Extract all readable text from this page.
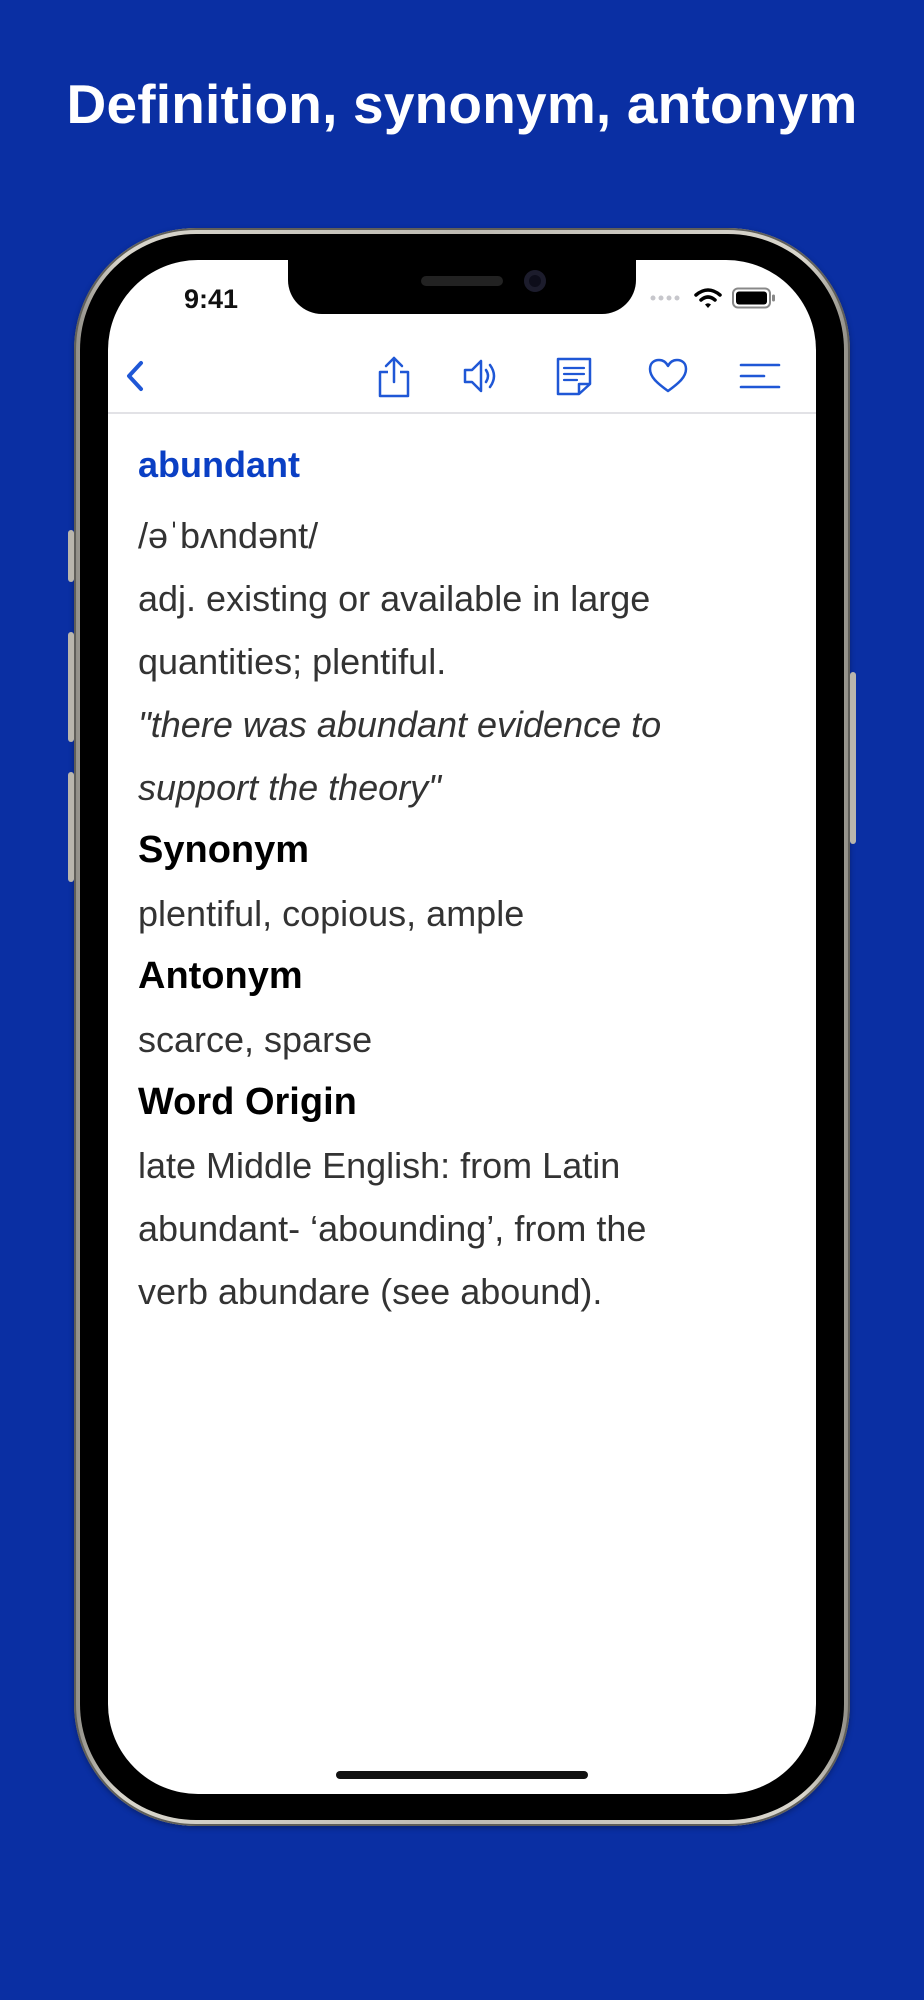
Definition, synonym, antonym
9:41
abundant
/əˈbʌndənt/
adj. existing or available in large
quantities; plentiful.
"there was abundant evidence to
support the theory"
Synonym
plentiful, copious, ample
Antonym
scarce, sparse
Word Origin
late Middle English: from Latin
abundant- ‘abounding’, from the
verb abundare (see abound).
